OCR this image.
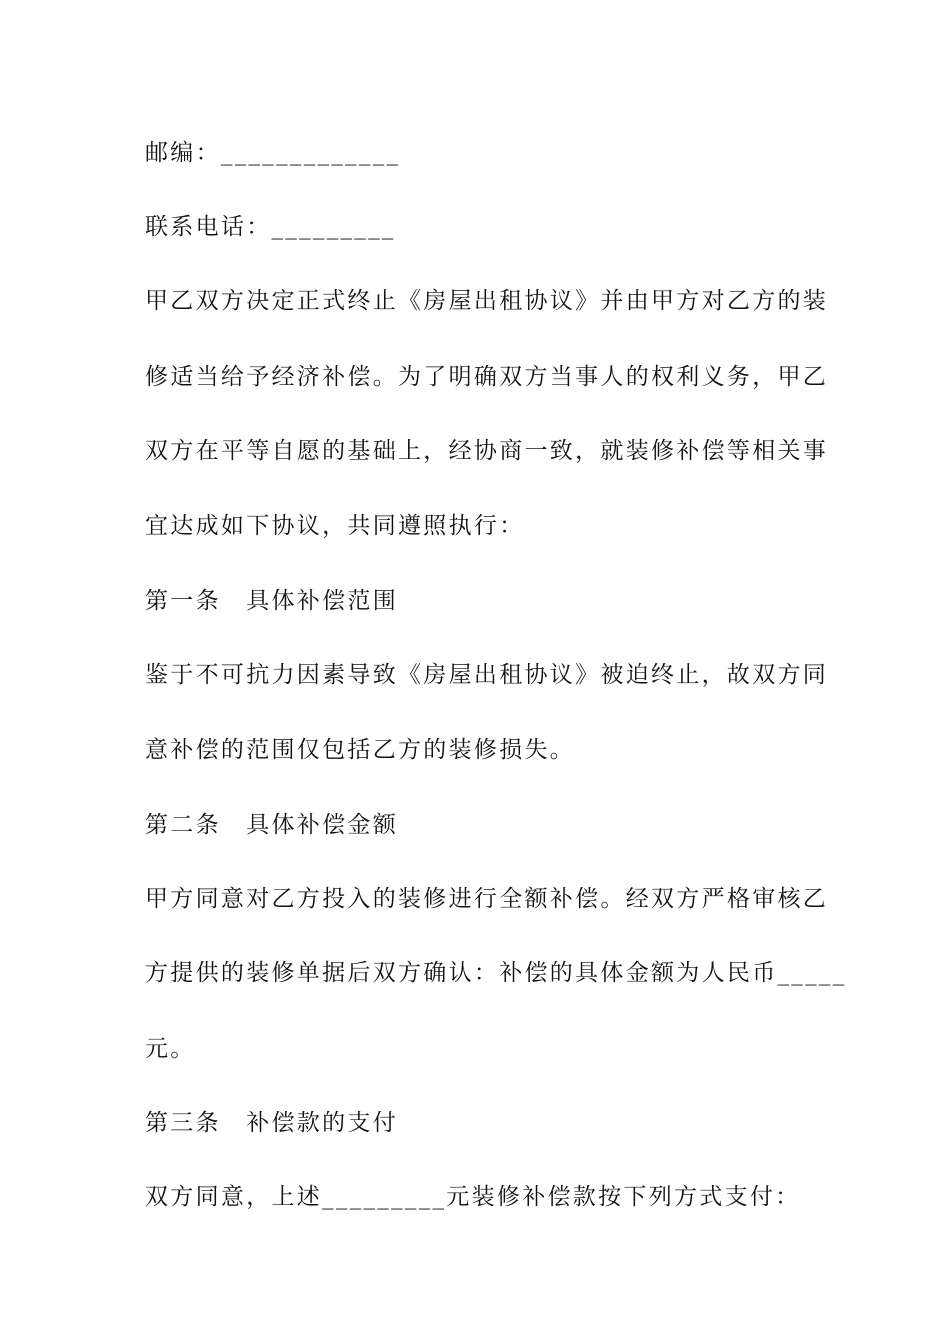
邮编：_____________
联系电话：_________
甲乙双方决定正式终止《房屋出租协议》并由甲方对乙方的装
修适当给予经济补偿。为了明确双方当事人的权利义务，甲乙
双方在平等自愿的基础上，经协商一致，就装修补偿等相关事
宜达成如下协议，共同遵照执行：
第一条　具体补偿范围
鉴于不可抗力因素导致《房屋出租协议》被迫终止，故双方同
意补偿的范围仅包括乙方的装修损失。
第二条　具体补偿金额
甲方同意对乙方投入的装修进行全额补偿。经双方严格审核乙
方提供的装修单据后双方确认：补偿的具体金额为人民币_____
元。
第三条　补偿款的支付
双方同意，上述_________元装修补偿款按下列方式支付：
